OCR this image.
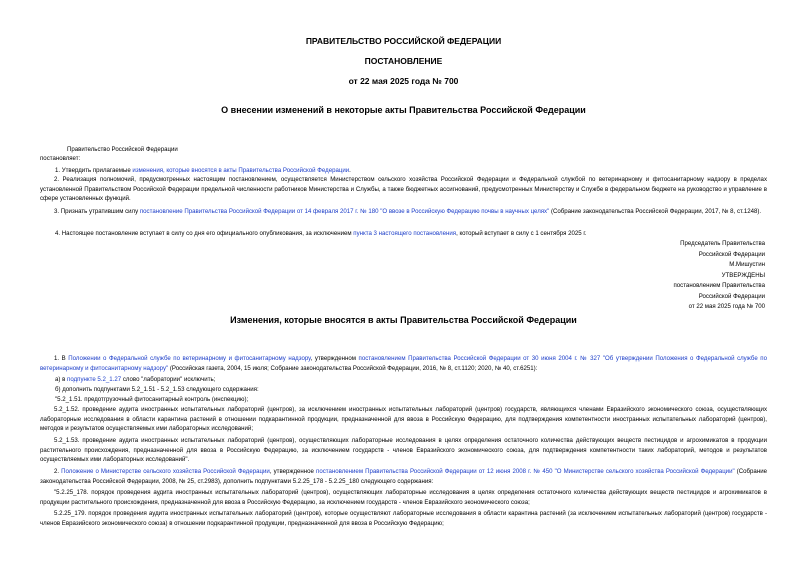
ПРАВИТЕЛЬСТВО РОССИЙСКОЙ ФЕДЕРАЦИИ
ПОСТАНОВЛЕНИЕ
от 22 мая 2025 года № 700
О внесении изменений в некоторые акты Правительства Российской Федерации
Правительство Российской Федерации
постановляет:
1. Утвердить прилагаемые изменения, которые вносятся в акты Правительства Российской Федерации.
2. Реализация полномочий, предусмотренных настоящим постановлением, осуществляется Министерством сельского хозяйства Российской Федерации и Федеральной службой по ветеринарному и фитосанитарному надзору в пределах установленной Правительством Российской Федерации предельной численности работников Министерства и Службы, а также бюджетных ассигнований, предусмотренных Министерству и Службе в федеральном бюджете на руководство и управление в сфере установленных функций.
3. Признать утратившим силу постановление Правительства Российской Федерации от 14 февраля 2017 г. № 180 "О ввозе в Российскую Федерацию почвы в научных целях" (Собрание законодательства Российской Федерации, 2017, № 8, ст.1248).
4. Настоящее постановление вступает в силу со дня его официального опубликования, за исключением пункта 3 настоящего постановления, который вступает в силу с 1 сентября 2025 г.
Председатель Правительства
Российской Федерации
М.Мишустин
УТВЕРЖДЕНЫ
постановлением Правительства
Российской Федерации
от 22 мая 2025 года № 700
Изменения, которые вносятся в акты Правительства Российской Федерации
1. В Положении о Федеральной службе по ветеринарному и фитосанитарному надзору, утвержденном постановлением Правительства Российской Федерации от 30 июня 2004 г. № 327 "Об утверждении Положения о Федеральной службе по ветеринарному и фитосанитарному надзору" (Российская газета, 2004, 15 июля; Собрание законодательства Российской Федерации, 2016, № 8, ст.1120; 2020, № 40, ст.6251):
а) в подпункте 5.2_1.27 слово "лаборатории" исключить;
б) дополнить подпунктами 5.2_1.51 - 5.2_1.53 следующего содержания:
"5.2_1.51. предотгрузочный фитосанитарный контроль (инспекцию);
5.2_1.52. проведение аудита иностранных испытательных лабораторий (центров), за исключением иностранных испытательных лабораторий (центров) государств, являющихся членами Евразийского экономического союза, осуществляющих лабораторные исследования в области карантина растений в отношении подкарантинной продукции, предназначенной для ввоза в Российскую Федерацию, для подтверждения компетентности иностранных испытательных лабораторий (центров), методов и результатов осуществляемых ими лабораторных исследований;
5.2_1.53. проведение аудита иностранных испытательных лабораторий (центров), осуществляющих лабораторные исследования в целях определения остаточного количества действующих веществ пестицидов и агрохимикатов в продукции растительного происхождения, предназначенной для ввоза в Российскую Федерацию, за исключением государств - членов Евразийского экономического союза, для подтверждения компетентности таких лабораторий, методов и результатов осуществляемых ими лабораторных исследований".
2. Положение о Министерстве сельского хозяйства Российской Федерации, утвержденное постановлением Правительства Российской Федерации от 12 июня 2008 г. № 450 "О Министерстве сельского хозяйства Российской Федерации" (Собрание законодательства Российской Федерации, 2008, № 25, ст.2983), дополнить подпунктами 5.2.25_178 - 5.2.25_180 следующего содержания:
"5.2.25_178. порядок проведения аудита иностранных испытательных лабораторий (центров), осуществляющих лабораторные исследования в целях определения остаточного количества действующих веществ пестицидов и агрохимикатов в продукции растительного происхождения, предназначенной для ввоза в Российскую Федерацию, за исключением государств - членов Евразийского экономического союза;
5.2.25_179. порядок проведения аудита иностранных испытательных лабораторий (центров), которые осуществляют лабораторные исследования в области карантина растений (за исключением испытательных лабораторий (центров) государств - членов Евразийского экономического союза) в отношении подкарантинной продукции, предназначенной для ввоза в Российскую Федерацию;
